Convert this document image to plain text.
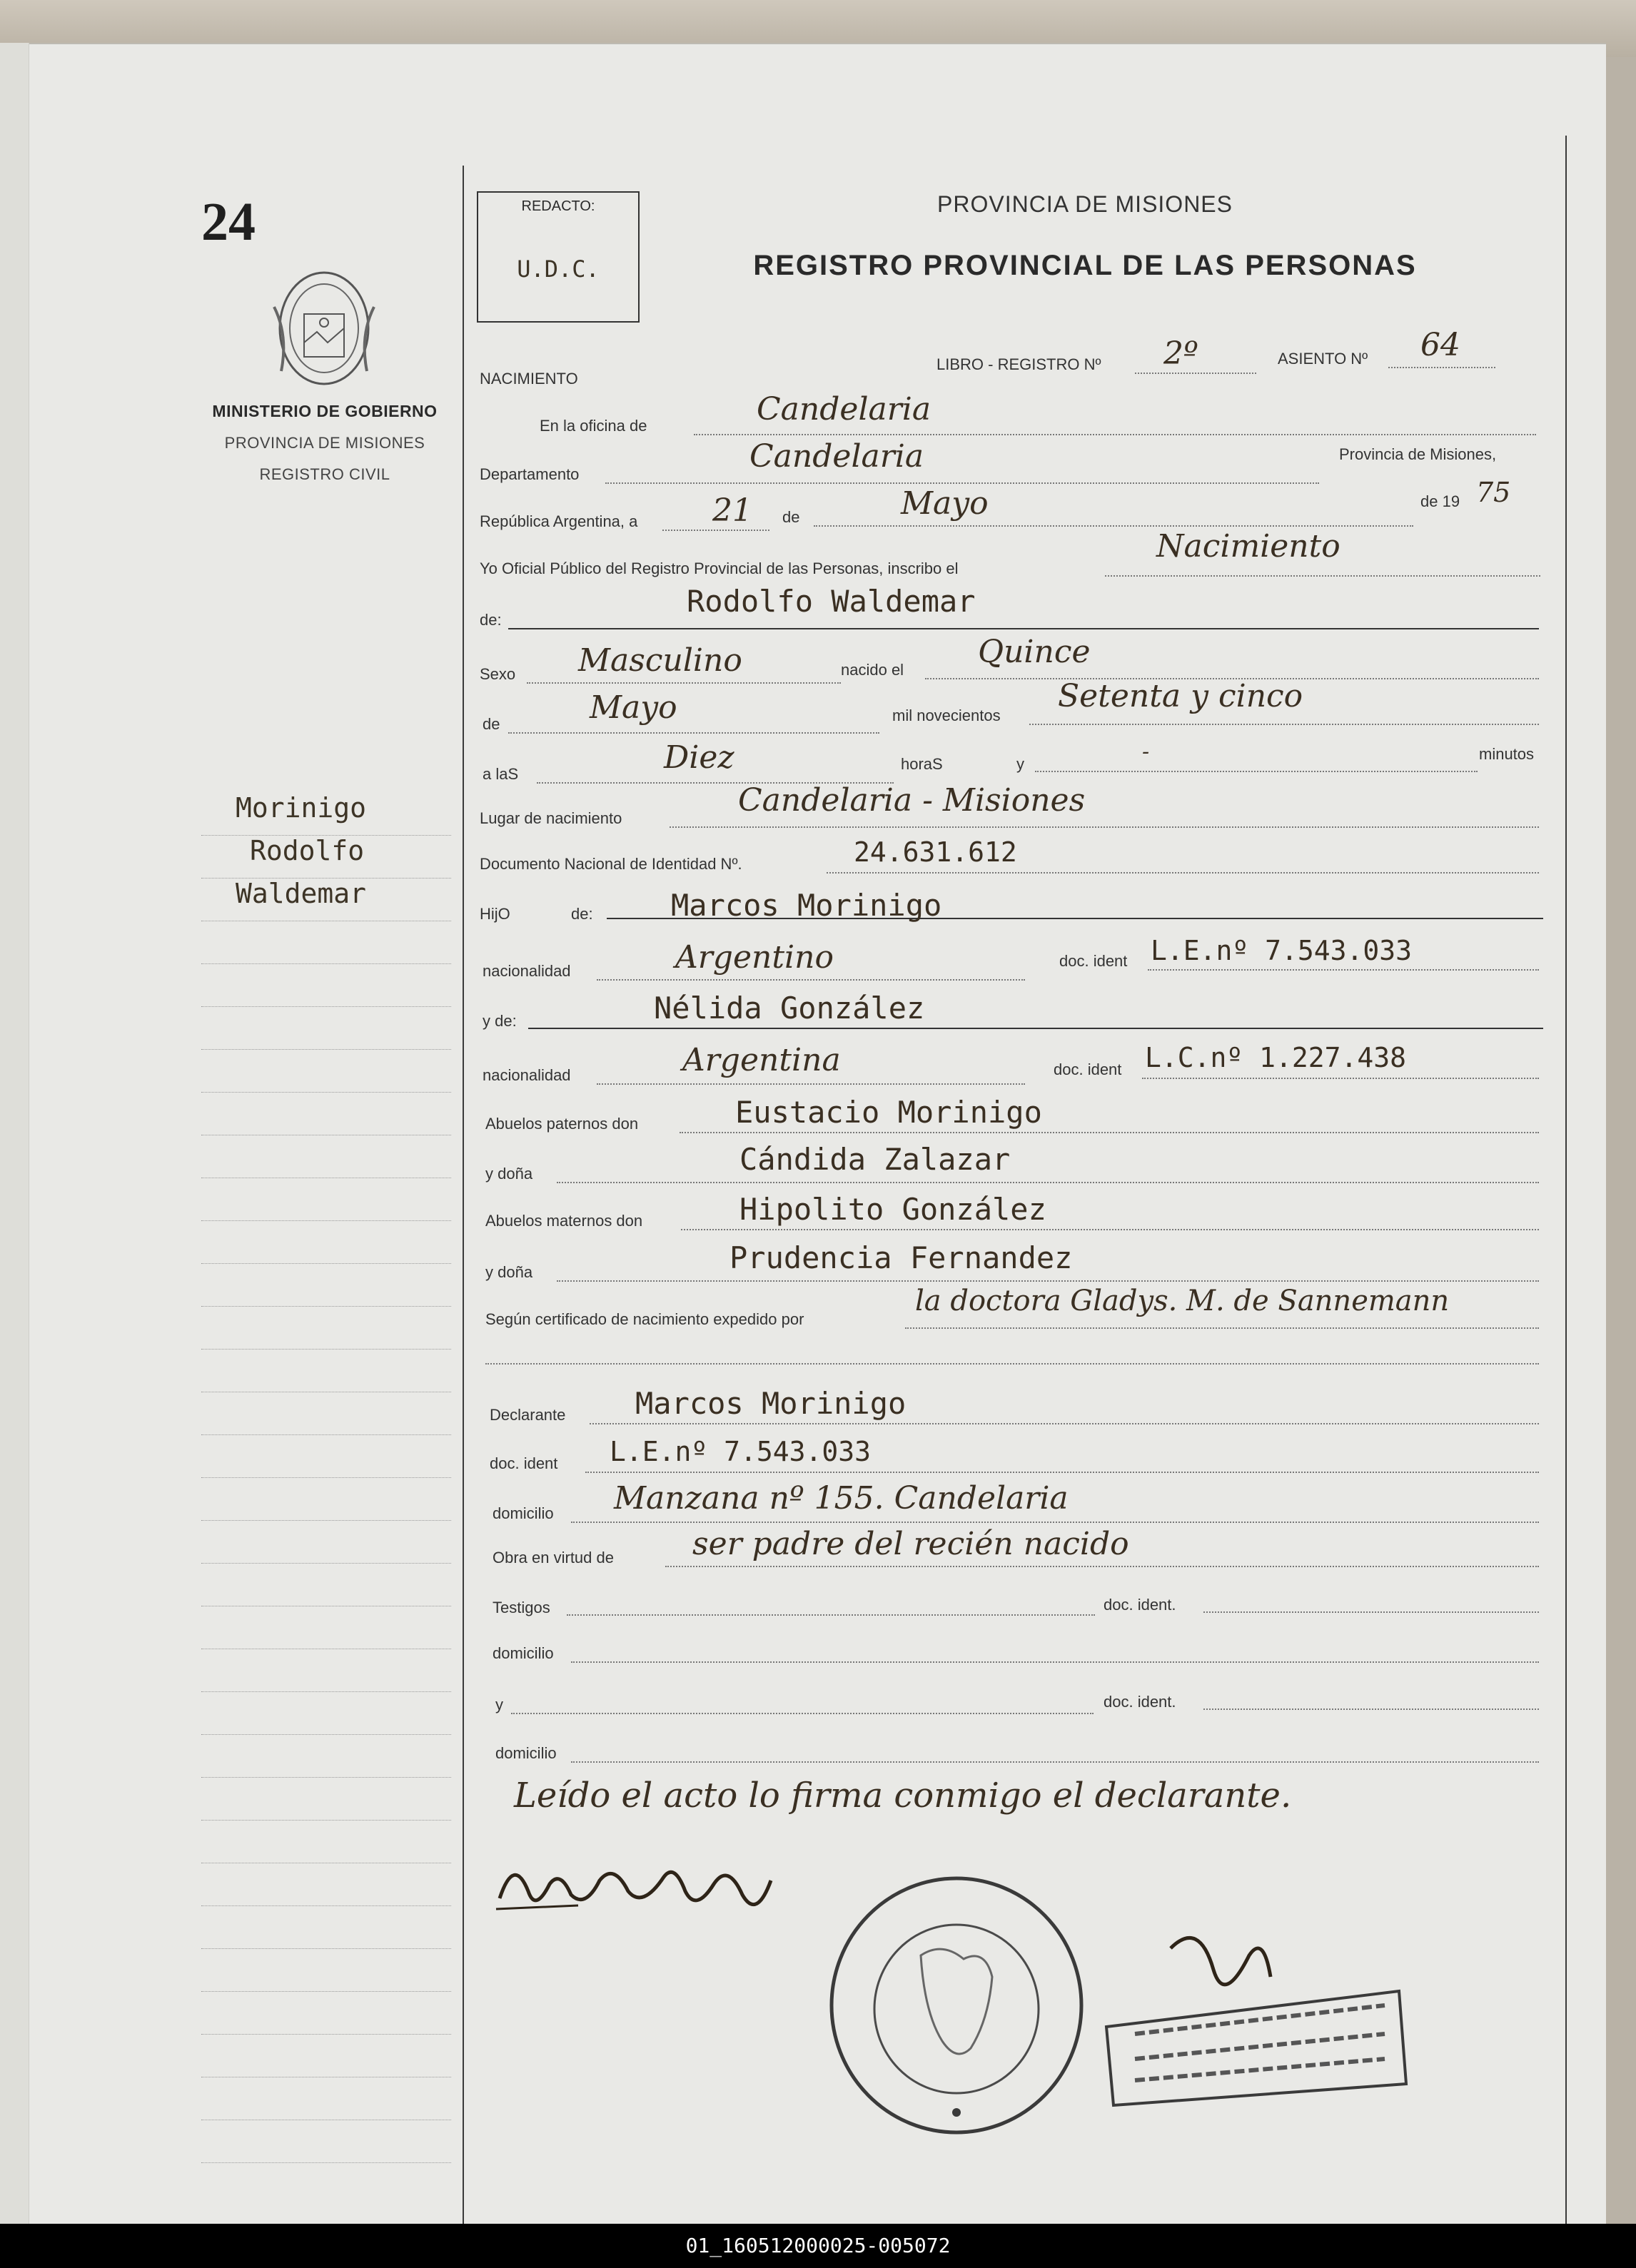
24
MINISTERIO DE GOBIERNO
PROVINCIA DE MISIONES
REGISTRO CIVIL
Morinigo
Rodolfo
Waldemar
REDACTO:
U.D.C.
PROVINCIA DE MISIONES
REGISTRO PROVINCIAL DE LAS PERSONAS
NACIMIENTO
LIBRO - REGISTRO Nº 2º	ASIENTO Nº 64
En la oficina de	Candelaria
Departamento	Candelaria	Provincia de Misiones,
República Argentina, a 21 de	Mayo	de 19 75
Yo Oficial Público del Registro Provincial de las Personas, inscribo el
Nacimiento
de:
Rodolfo Waldemar
Sexo Masculino	nacido el Quince
de	Mayo	mil novecientos
Setenta y cinco
a laS	Diez	horaS	y	-	minutos
Lugar de nacimiento	Candelaria - Misiones
Documento Nacional de Identidad Nº.	24.631.612
HijO	de:	Marcos Morinigo
nacionalidad	Argentino	doc. ident L.E.nº 7.543.033
y de:	Nélida González
nacionalidad	Argentina	doc. ident L.C.nº 1.227.438
Abuelos paternos don	Eustacio Morinigo
y doña	Cándida Zalazar
Abuelos maternos don	Hipolito González
y doña	Prudencia Fernandez
Según certificado de nacimiento expedido por
la doctora Gladys. M. de Sannemann
Declarante Marcos Morinigo
doc. ident L.E.nº 7.543.033
domicilio Manzana nº 155. Candelaria
Obra en virtud de	ser padre del recién nacido
Testigos	doc. ident.
domicilio
y	doc. ident.
domicilio
Leído el acto lo firma conmigo el declarante.
01_160512000025-005072
